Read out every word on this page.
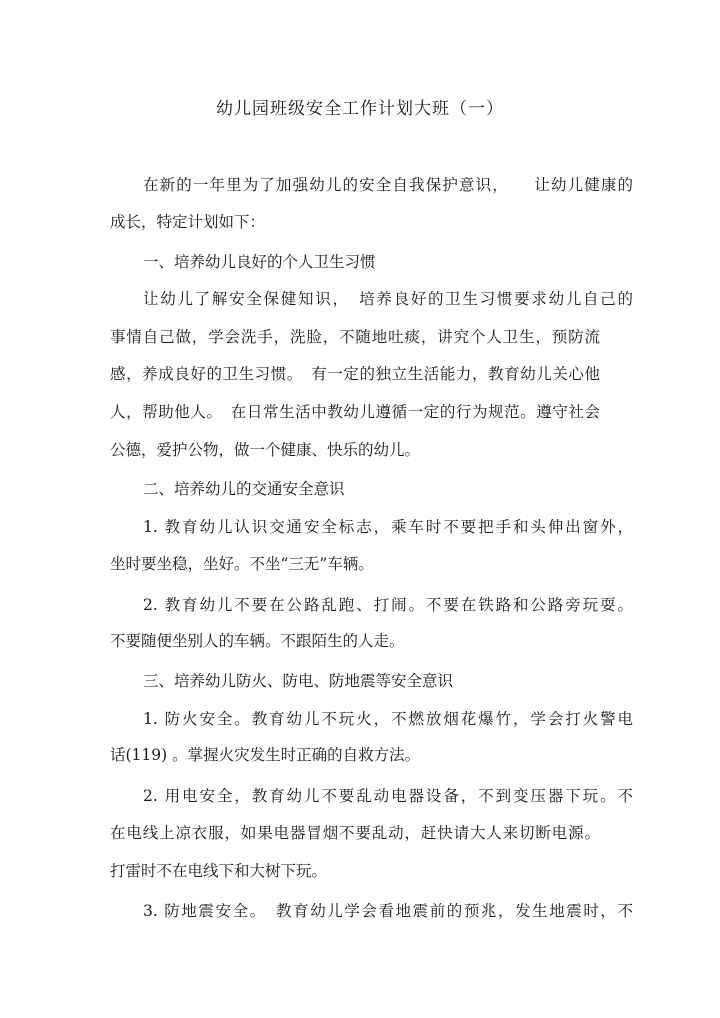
幼儿园班级安全工作计划大班（一）
在新的一年里为了加强幼儿的安全自我保护意识，　　让幼儿健康的
成长，特定计划如下：
一、培养幼儿良好的个人卫生习惯
让幼儿了解安全保健知识，　培养良好的卫生习惯要求幼儿自己的
事情自己做，学会洗手，洗脸，不随地吐痰，讲究个人卫生，预防流
感，养成良好的卫生习惯。　有一定的独立生活能力，教育幼儿关心他
人，帮助他人。　在日常生活中教幼儿遵循一定的行为规范。遵守社会
公德，爱护公物，做一个健康、快乐的幼儿。
二、培养幼儿的交通安全意识
1. 教育幼儿认识交通安全标志，乘车时不要把手和头伸出窗外，
坐时要坐稳，坐好。不坐“三无”车辆。
2. 教育幼儿不要在公路乱跑、打闹。不要在铁路和公路旁玩耍。
不要随便坐别人的车辆。不跟陌生的人走。
三、培养幼儿防火、防电、防地震等安全意识
1. 防火安全。教育幼儿不玩火，不燃放烟花爆竹，学会打火警电
话(119) 。掌握火灾发生时正确的自救方法。
2. 用电安全，教育幼儿不要乱动电器设备，不到变压器下玩。不
在电线上凉衣服，如果电器冒烟不要乱动，赶快请大人来切断电源。
打雷时不在电线下和大树下玩。
3. 防地震安全。　教育幼儿学会看地震前的预兆，发生地震时，不
